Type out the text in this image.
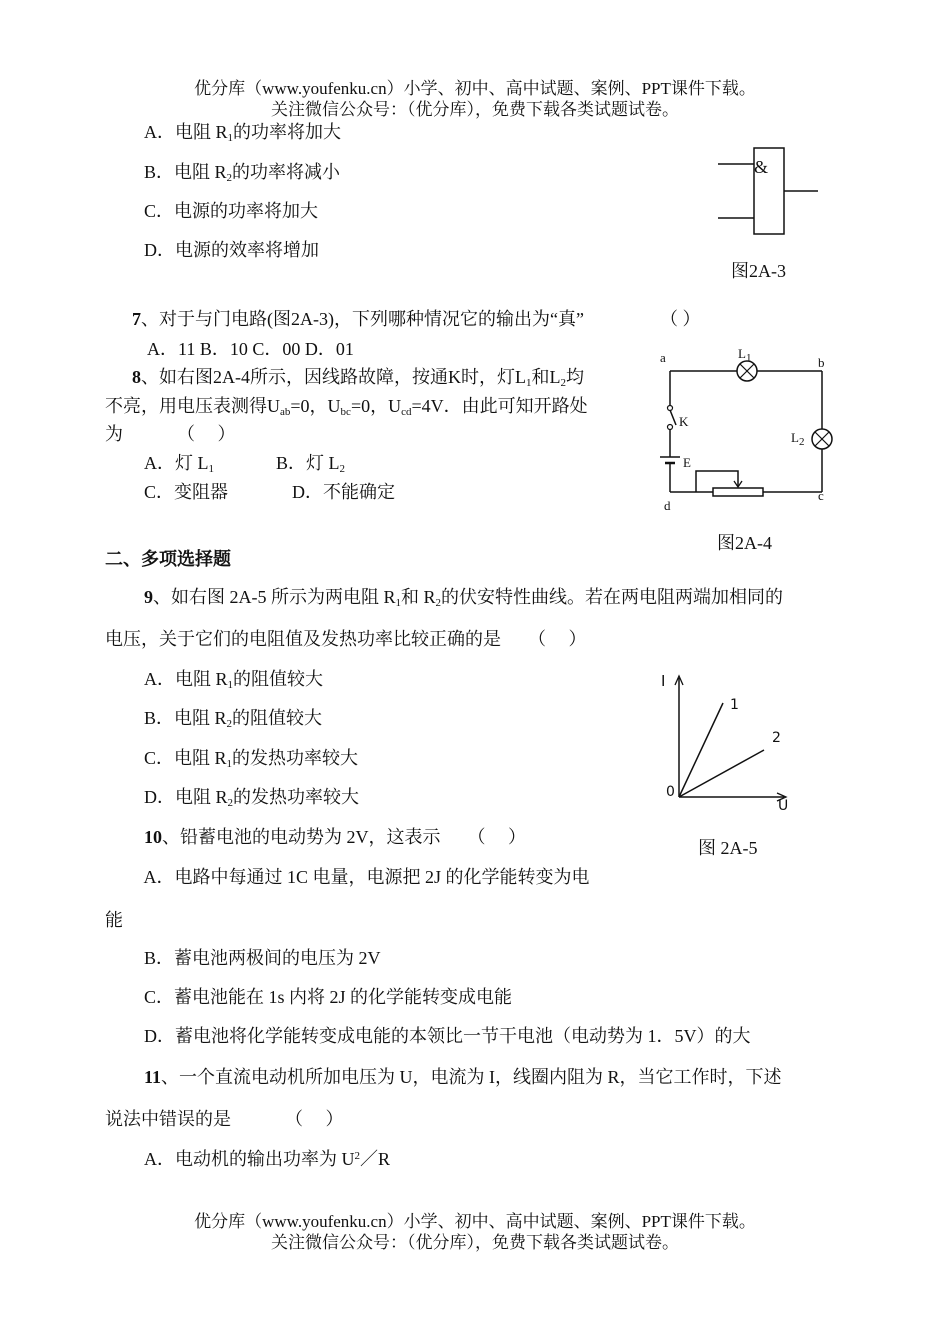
优分库（www.youfenku.cn）小学、初中、高中试题、案例、PPT课件下载。
关注微信公众号：（优分库），免费下载各类试题试卷。
A．电阻 $R_1$的功率将加大
B．电阻 $R_2$的功率将减小
C．电源的功率将加大
D．电源的效率将增加
&
图2A-3
7、对于与门电路(图2A-3)，下列哪种情况它的输出为“真”	（ ）
A．11 B．10 C．00 D．01
8、如右图2A-4所示，因线路故障，按通K时，灯$L_1$和$L_2$均
不亮，用电压表测得$U_{ab}=0$，$U_{bc}=0$，$U_{cd}=4V$．由此可知开路处
为            （     ）
A．灯 $L_1$	B．灯 $L_2$
C．变阻器	D．不能确定
a	b
c
d
$L_1$
$L_2$
K
E
图2A-4
二、多项选择题
9、如右图 2A-5 所示为两电阻 $R_1$和 $R_2$的伏安特性曲线。若在两电阻两端加相同的
电压，关于它们的电阻值及发热功率比较正确的是      （     ）
A．电阻 $R_1$的阻值较大
B．电阻 $R_2$的阻值较大
C．电阻 $R_1$的发热功率较大
D．电阻 $R_2$的发热功率较大
I
U
0
1
2
图 2A-5
10、铅蓄电池的电动势为 2V，这表示      （     ）
A．电路中每通过 1C 电量，电源把 2J 的化学能转变为电
能
B．蓄电池两极间的电压为 2V
C．蓄电池能在 1s 内将 2J 的化学能转变成电能
D．蓄电池将化学能转变成电能的本领比一节干电池（电动势为 1．5V）的大
11、一个直流电动机所加电压为 U，电流为 I，线圈内阻为 R，当它工作时，下述
说法中错误的是            （     ）
A．电动机的输出功率为 $U^2/R$
优分库（www.youfenku.cn）小学、初中、高中试题、案例、PPT课件下载。
关注微信公众号：（优分库），免费下载各类试题试卷。
